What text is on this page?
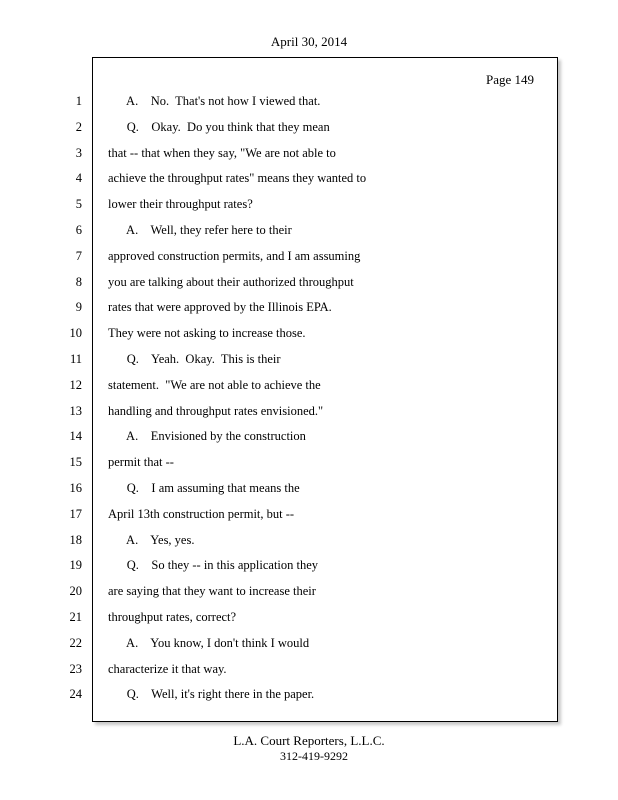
April 30, 2014
Page 149
1 A.    No.  That's not how I viewed that.
2 Q.    Okay.  Do you think that they mean
3 that -- that when they say, "We are not able to
4 achieve the throughput rates" means they wanted to
5 lower their throughput rates?
6 A.    Well, they refer here to their
7 approved construction permits, and I am assuming
8 you are talking about their authorized throughput
9 rates that were approved by the Illinois EPA.
10 They were not asking to increase those.
11 Q.    Yeah.  Okay.  This is their
12 statement.  "We are not able to achieve the
13 handling and throughput rates envisioned."
14 A.    Envisioned by the construction
15 permit that --
16 Q.    I am assuming that means the
17 April 13th construction permit, but --
18 A.    Yes, yes.
19 Q.    So they -- in this application they
20 are saying that they want to increase their
21 throughput rates, correct?
22 A.    You know, I don't think I would
23 characterize it that way.
24 Q.    Well, it's right there in the paper.
L.A. Court Reporters, L.L.C.
312-419-9292
